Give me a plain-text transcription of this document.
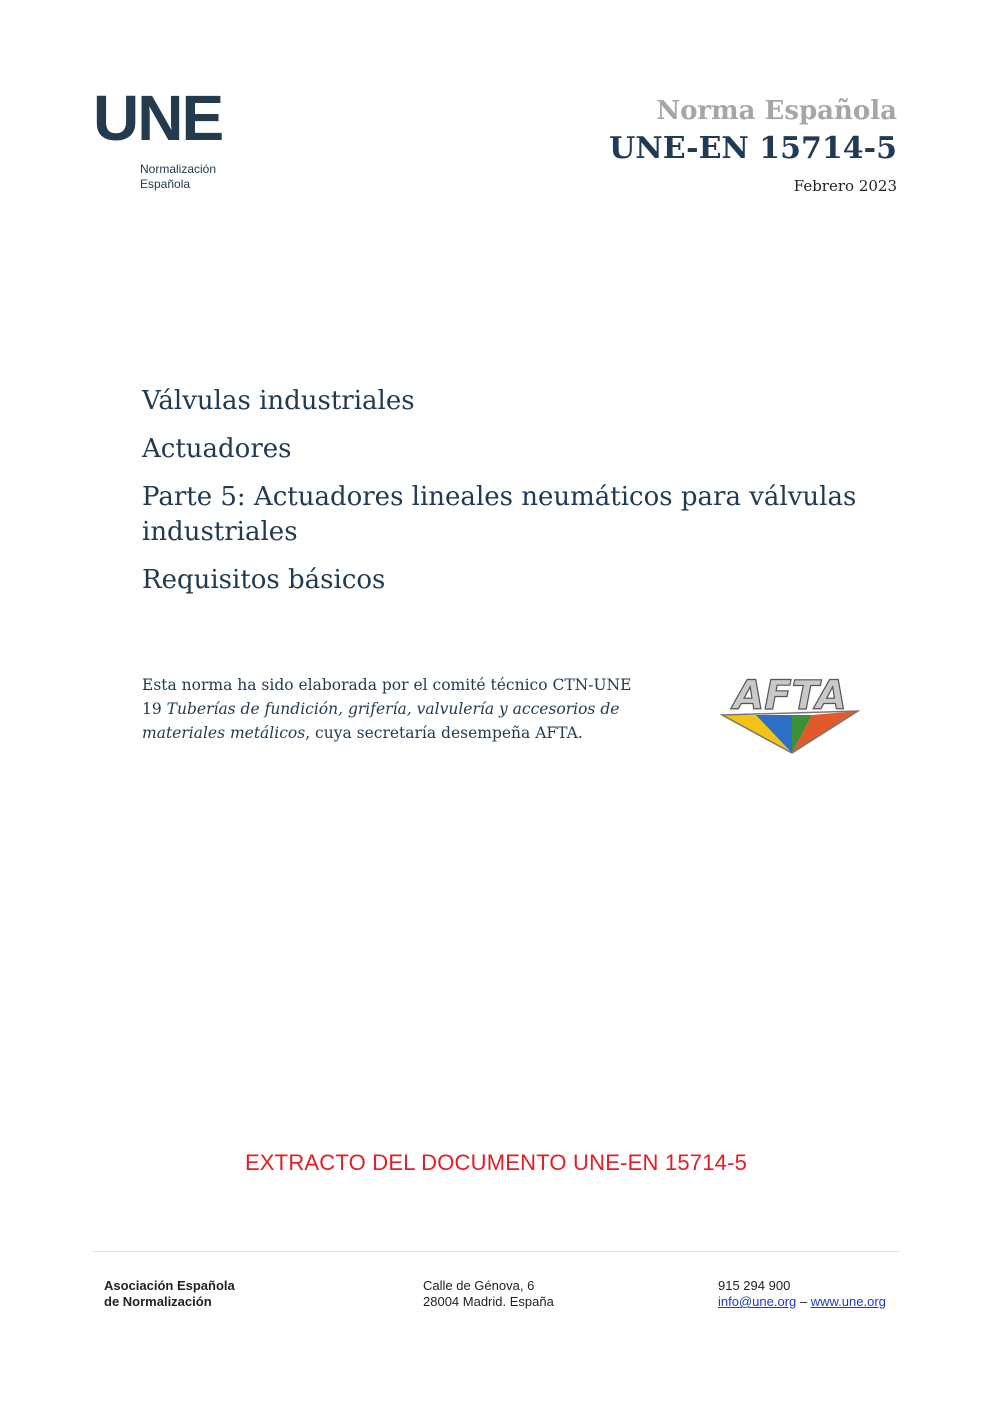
UNE
Normalización
Española
Norma Española
UNE-EN 15714-5
Febrero 2023

Válvulas industriales

Actuadores

Parte 5: Actuadores lineales neumáticos para válvulas industriales

Requisitos básicos

Esta norma ha sido elaborada por el comité técnico CTN-UNE 19 Tuberías de fundición, grifería, valvulería y accesorios de materiales metálicos, cuya secretaría desempeña AFTA.
AFTA
EXTRACTO DEL DOCUMENTO UNE-EN 15714-5
Asociación Española
de Normalización
Calle de Génova, 6
28004 Madrid. España
915 294 900
info@une.org – www.une.org
